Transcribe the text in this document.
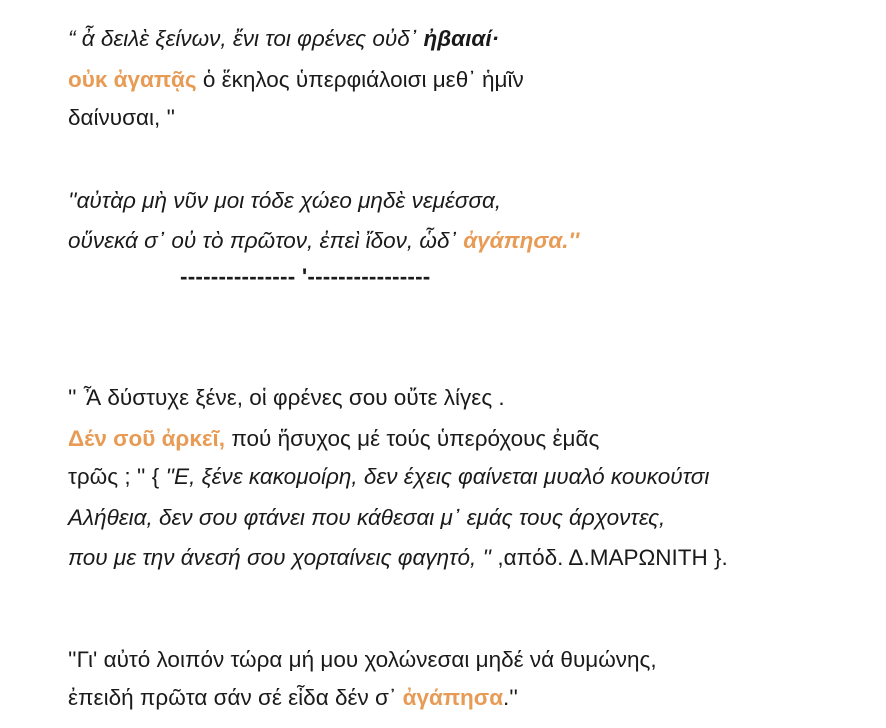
“ ἆ δειλὲ ξείνων, ἔνι τοι φρένες οὐδ᾽ ἠβαιαί·
οὐκ ἀγαπᾷς ὁ ἕκηλος ὑπερφιάλοισι μεθ᾽ ἡμῖν
δαίνυσαι, ''
''αὐτὰρ μὴ νῦν μοι τόδε χώεο μηδὲ νεμέσσα,
οὕνεκά σ᾽ οὐ τὸ πρῶτον, ἐπεὶ ἴδον, ὧδ᾽ ἀγάπησα.''
--------------- '----------------
'' Ἆ δύστυχε ξένε, οἱ φρένες σου οὔτε λίγες .
Δέν σοῦ ἀρκεῖ, πού ἥσυχος μέ τούς ὑπερόχους ἐμᾶς
τρῶς ; '' { ''Ε, ξένε κακομοίρη, δεν έχεις φαίνεται μυαλό κουκούτσι
Αλήθεια, δεν σου φτάνει που κάθεσαι μ᾽ εμάς τους άρχοντες,
που με την άνεσή σου χορταίνεις φαγητό, '' ,απόδ. Δ.ΜΑΡΩΝΙΤΗ }.
''Γι' αὐτό λοιπόν τώρα μή μου χολώνεσαι μηδέ νά θυμώνης,
ἐπειδή πρῶτα σάν σέ εἶδα δέν σ᾽ ἀγάπησα.''
